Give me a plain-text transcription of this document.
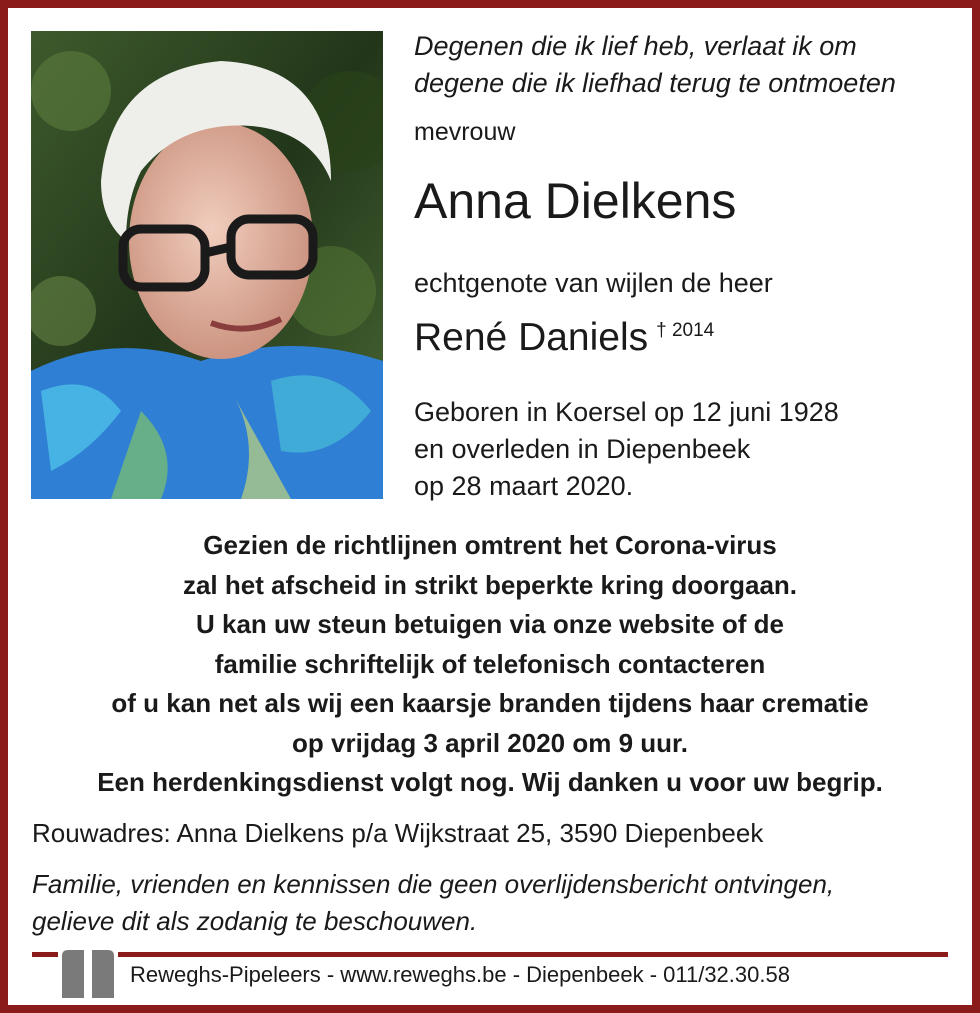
Degenen die ik lief heb, verlaat ik om
degene die ik liefhad terug te ontmoeten
mevrouw
Anna Dielkens
echtgenote van wijlen de heer
René Daniels $^{\dagger 2014}$
Geboren in Koersel op 12 juni 1928
en overleden in Diepenbeek
op 28 maart 2020.
Gezien de richtlijnen omtrent het Corona-virus
zal het afscheid in strikt beperkte kring doorgaan.
U kan uw steun betuigen via onze website of de
familie schriftelijk of telefonisch contacteren
of u kan net als wij een kaarsje branden tijdens haar crematie
op vrijdag 3 april 2020 om 9 uur.
Een herdenkingsdienst volgt nog. Wij danken u voor uw begrip.
Rouwadres: Anna Dielkens p/a Wijkstraat 25, 3590 Diepenbeek
Familie, vrienden en kennissen die geen overlijdensbericht ontvingen,
gelieve dit als zodanig te beschouwen.
Reweghs-Pipeleers - www.reweghs.be - Diepenbeek - 011/32.30.58
